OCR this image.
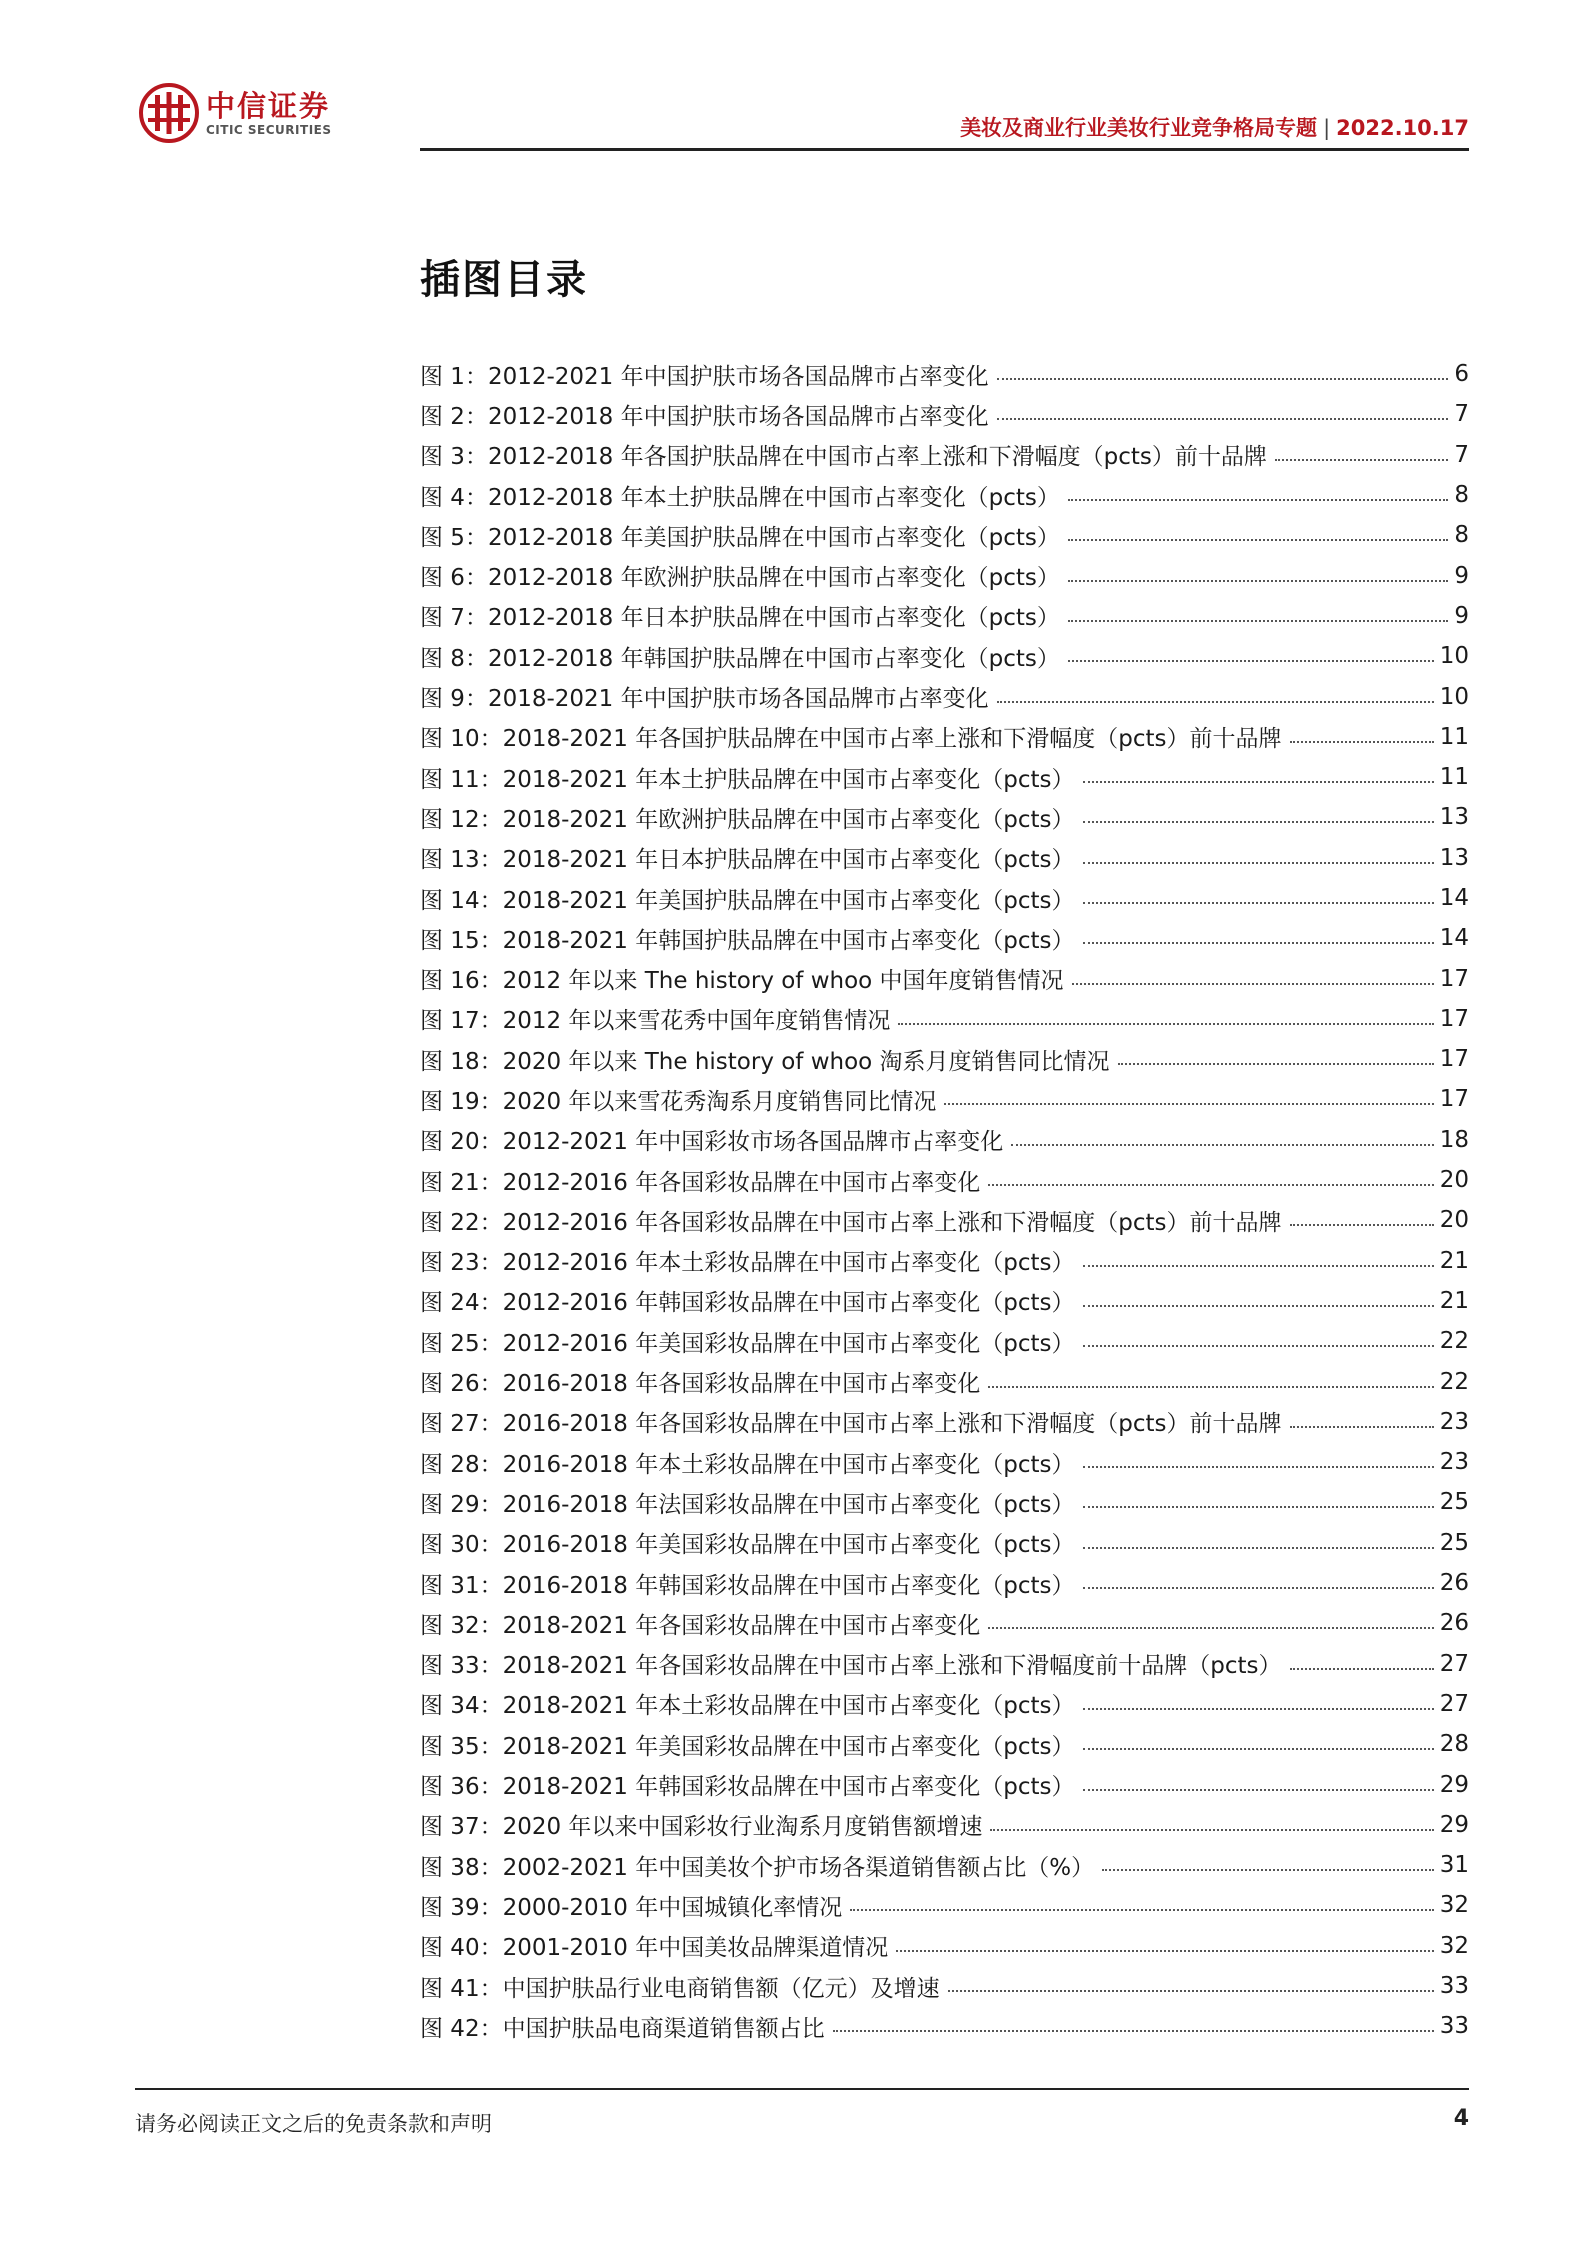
中信证券
CITIC SECURITIES	美妆及商业行业美妆行业竞争格局专题 | 2022.10.17
插图目录
图 1：2012-2021 年中国护肤市场各国品牌市占率变化	6
图 2：2012-2018 年中国护肤市场各国品牌市占率变化	7
图 3：2012-2018 年各国护肤品牌在中国市占率上涨和下滑幅度（pcts）前十品牌	7
图 4：2012-2018 年本土护肤品牌在中国市占率变化（pcts）	8
图 5：2012-2018 年美国护肤品牌在中国市占率变化（pcts）	8
图 6：2012-2018 年欧洲护肤品牌在中国市占率变化（pcts）	9
图 7：2012-2018 年日本护肤品牌在中国市占率变化（pcts）	9
图 8：2012-2018 年韩国护肤品牌在中国市占率变化（pcts）	10
图 9：2018-2021 年中国护肤市场各国品牌市占率变化	10
图 10：2018-2021 年各国护肤品牌在中国市占率上涨和下滑幅度（pcts）前十品牌	11
图 11：2018-2021 年本土护肤品牌在中国市占率变化（pcts）	11
图 12：2018-2021 年欧洲护肤品牌在中国市占率变化（pcts）	13
图 13：2018-2021 年日本护肤品牌在中国市占率变化（pcts）	13
图 14：2018-2021 年美国护肤品牌在中国市占率变化（pcts）	14
图 15：2018-2021 年韩国护肤品牌在中国市占率变化（pcts）	14
图 16：2012 年以来 The history of whoo 中国年度销售情况	17
图 17：2012 年以来雪花秀中国年度销售情况	17
图 18：2020 年以来 The history of whoo 淘系月度销售同比情况	17
图 19：2020 年以来雪花秀淘系月度销售同比情况	17
图 20：2012-2021 年中国彩妆市场各国品牌市占率变化	18
图 21：2012-2016 年各国彩妆品牌在中国市占率变化	20
图 22：2012-2016 年各国彩妆品牌在中国市占率上涨和下滑幅度（pcts）前十品牌	20
图 23：2012-2016 年本土彩妆品牌在中国市占率变化（pcts）	21
图 24：2012-2016 年韩国彩妆品牌在中国市占率变化（pcts）	21
图 25：2012-2016 年美国彩妆品牌在中国市占率变化（pcts）	22
图 26：2016-2018 年各国彩妆品牌在中国市占率变化	22
图 27：2016-2018 年各国彩妆品牌在中国市占率上涨和下滑幅度（pcts）前十品牌	23
图 28：2016-2018 年本土彩妆品牌在中国市占率变化（pcts）	23
图 29：2016-2018 年法国彩妆品牌在中国市占率变化（pcts）	25
图 30：2016-2018 年美国彩妆品牌在中国市占率变化（pcts）	25
图 31：2016-2018 年韩国彩妆品牌在中国市占率变化（pcts）	26
图 32：2018-2021 年各国彩妆品牌在中国市占率变化	26
图 33：2018-2021 年各国彩妆品牌在中国市占率上涨和下滑幅度前十品牌（pcts）	27
图 34：2018-2021 年本土彩妆品牌在中国市占率变化（pcts）	27
图 35：2018-2021 年美国彩妆品牌在中国市占率变化（pcts）	28
图 36：2018-2021 年韩国彩妆品牌在中国市占率变化（pcts）	29
图 37：2020 年以来中国彩妆行业淘系月度销售额增速	29
图 38：2002-2021 年中国美妆个护市场各渠道销售额占比（%）	31
图 39：2000-2010 年中国城镇化率情况	32
图 40：2001-2010 年中国美妆品牌渠道情况	32
图 41：中国护肤品行业电商销售额（亿元）及增速	33
图 42：中国护肤品电商渠道销售额占比	33
请务必阅读正文之后的免责条款和声明	4
